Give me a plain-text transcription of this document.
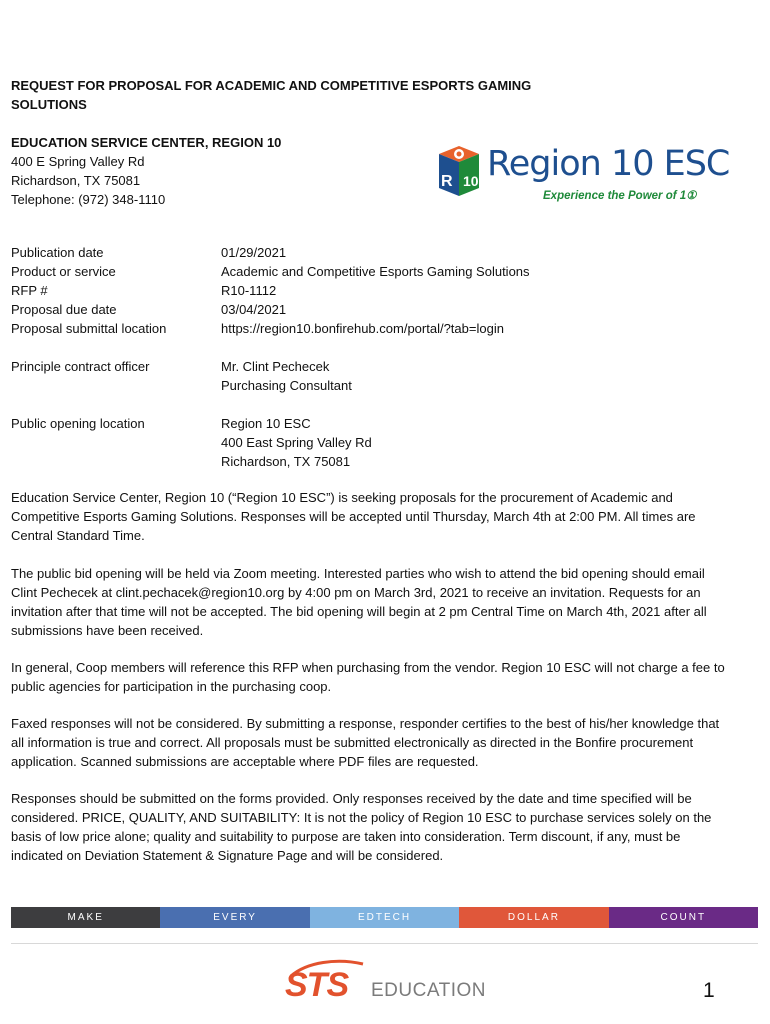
REQUEST FOR PROPOSAL FOR ACADEMIC AND COMPETITIVE ESPORTS GAMING SOLUTIONS
EDUCATION SERVICE CENTER, REGION 10
400 E Spring Valley Rd
Richardson, TX 75081
Telephone: (972) 348-1110
R 10 Region 10 ESC
Experience the Power of 1①
Publication date	01/29/2021
Product or service	Academic and Competitive Esports Gaming Solutions
RFP #	R10-1112
Proposal due date	03/04/2021
Proposal submittal location	https://region10.bonfirehub.com/portal/?tab=login
Principle contract officer	Mr. Clint Pechecek
Purchasing Consultant
Public opening location	Region 10 ESC
400 East Spring Valley Rd
Richardson, TX 75081
Education Service Center, Region 10 (“Region 10 ESC”) is seeking proposals for the procurement of Academic and Competitive Esports Gaming Solutions. Responses will be accepted until Thursday, March 4th at 2:00 PM. All times are Central Standard Time.
The public bid opening will be held via Zoom meeting. Interested parties who wish to attend the bid opening should email Clint Pechecek at clint.pechacek@region10.org by 4:00 pm on March 3rd, 2021 to receive an invitation. Requests for an invitation after that time will not be accepted. The bid opening will begin at 2 pm Central Time on March 4th, 2021 after all submissions have been received.
In general, Coop members will reference this RFP when purchasing from the vendor. Region 10 ESC will not charge a fee to public agencies for participation in the purchasing coop.
Faxed responses will not be considered. By submitting a response, responder certifies to the best of his/her knowledge that all information is true and correct. All proposals must be submitted electronically as directed in the Bonfire procurement application. Scanned submissions are acceptable where PDF files are requested.
Responses should be submitted on the forms provided. Only responses received by the date and time specified will be considered. PRICE, QUALITY, AND SUITABILITY: It is not the policy of Region 10 ESC to purchase services solely on the basis of low price alone; quality and suitability to purpose are taken into consideration. Term discount, if any, must be indicated on Deviation Statement & Signature Page and will be considered.
MAKE	EVERY	EDTECH	DOLLAR	COUNT
STS EDUCATION	1
